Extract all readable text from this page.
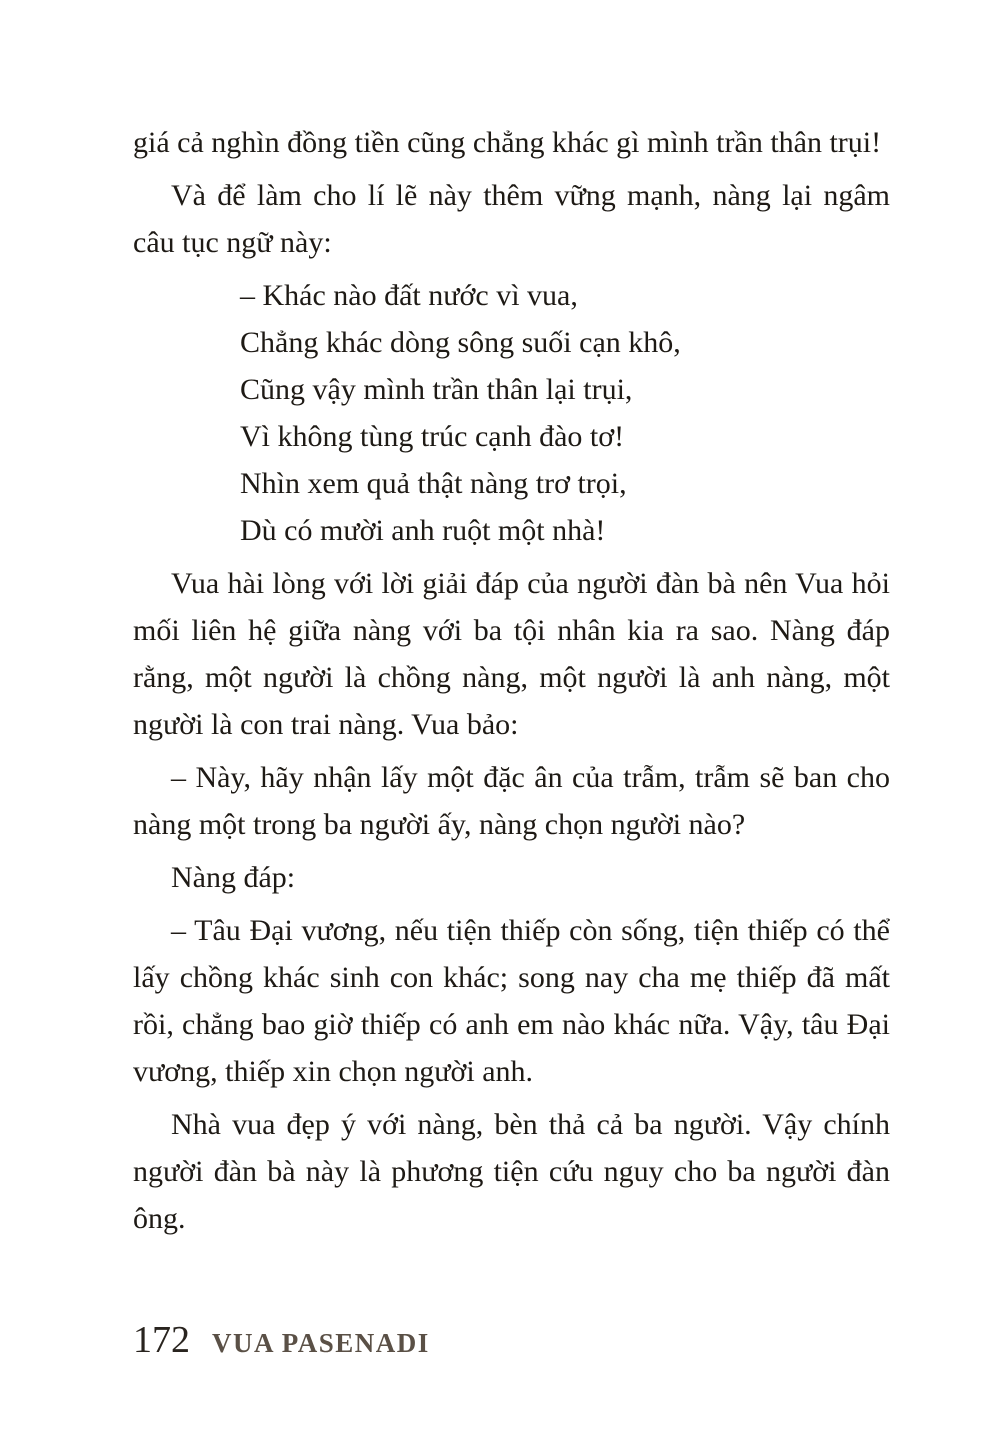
giá cả nghìn đồng tiền cũng chẳng khác gì mình trần thân trụi!

Và để làm cho lí lẽ này thêm vững mạnh, nàng lại ngâm câu tục ngữ này:

– Khác nào đất nước vì vua,

Chẳng khác dòng sông suối cạn khô,

Cũng vậy mình trần thân lại trụi,

Vì không tùng trúc cạnh đào tơ!

Nhìn xem quả thật nàng trơ trọi,

Dù có mười anh ruột một nhà!

Vua hài lòng với lời giải đáp của người đàn bà nên Vua hỏi mối liên hệ giữa nàng với ba tội nhân kia ra sao. Nàng đáp rằng, một người là chồng nàng, một người là anh nàng, một người là con trai nàng. Vua bảo:

– Này, hãy nhận lấy một đặc ân của trẫm, trẫm sẽ ban cho nàng một trong ba người ấy, nàng chọn người nào?

Nàng đáp:

– Tâu Đại vương, nếu tiện thiếp còn sống, tiện thiếp có thể lấy chồng khác sinh con khác; song nay cha mẹ thiếp đã mất rồi, chẳng bao giờ thiếp có anh em nào khác nữa. Vậy, tâu Đại vương, thiếp xin chọn người anh.

Nhà vua đẹp ý với nàng, bèn thả cả ba người. Vậy chính người đàn bà này là phương tiện cứu nguy cho ba người đàn ông.

172 VUA PASENADI
